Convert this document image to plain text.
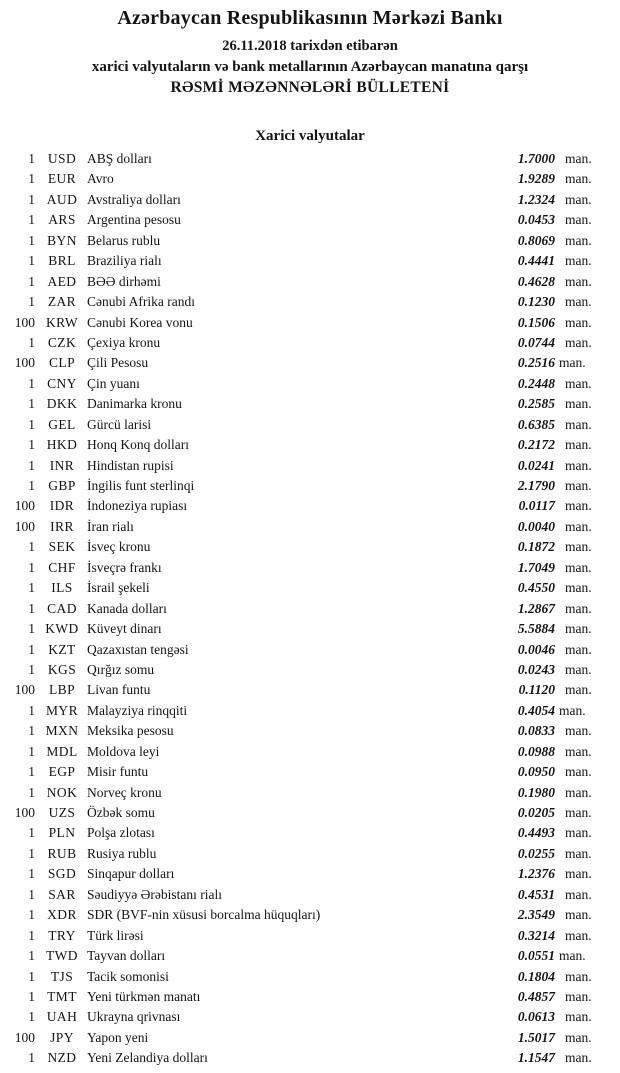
Azərbaycan Respublikasının Mərkəzi Bankı
26.11.2018 tarixdən etibarən
xarici valyutaların və bank metallarının Azərbaycan manatına qarşı
RƏSMİ MƏZƏNNƏLƏRİ BÜLLETENİ
Xarici valyutalar
1 USD ABŞ dolları	1.7000 man.
1 EUR Avro	1.9289 man.
1 AUD Avstraliya dolları	1.2324 man.
1 ARS Argentina pesosu	0.0453 man.
1 BYN Belarus rublu	0.8069 man.
1 BRL Braziliya rialı	0.4441 man.
1 AED BƏƏ dirhəmi	0.4628 man.
1 ZAR Cənubi Afrika randı	0.1230 man.
100 KRW Cənubi Korea vonu	0.1506 man.
1 CZK Çexiya kronu	0.0744 man.
100	CLP Çili Pesosu	0.2516 man.
1 CNY Çin yuanı	0.2448 man.
1 DKK Danimarka kronu	0.2585 man.
1 GEL Gürcü larisi	0.6385 man.
1 HKD Honq Konq dolları	0.2172 man.
1	INR Hindistan rupisi	0.0241 man.
1 GBP İngilis funt sterlinqi	2.1790 man.
100	IDR İndoneziya rupiası	0.0117 man.
100	IRR İran rialı	0.0040 man.
1	SEK İsveç kronu	0.1872 man.
1 CHF İsveçrə frankı	1.7049 man.
1	ILS	İsrail şekeli	0.4550 man.
1 CAD Kanada dolları	1.2867 man.
1 KWD Küveyt dinarı	5.5884 man.
1 KZT Qazaxıstan tengəsi	0.0046 man.
1 KGS Qırğız somu	0.0243 man.
100	LBP Livan funtu	0.1120 man.
1 MYR Malayziya rinqqiti	0.4054 man.
1 MXN Meksika pesosu	0.0833 man.
1 MDL Moldova leyi	0.0988 man.
1	EGP Misir funtu	0.0950 man.
1 NOK Norveç kronu	0.1980 man.
100	UZS Özbək somu	0.0205 man.
1	PLN Polşa zlotası	0.4493 man.
1 RUB Rusiya rublu	0.0255 man.
1 SGD Sinqapur dolları	1.2376 man.
1 SAR Səudiyyə Ərəbistanı rialı	0.4531 man.
1 XDR SDR (BVF-nin xüsusi borcalma hüquqları)	2.3549 man.
1 TRY Türk lirəsi	0.3214 man.
1 TWD Tayvan dolları	0.0551 man.
1	TJS	Tacik somonisi	0.1804 man.
1 TMT Yeni türkmən manatı	0.4857 man.
1 UAH Ukrayna qrivnası	0.0613 man.
100	JPY Yapon yeni	1.5017 man.
1 NZD Yeni Zelandiya dolları	1.1547 man.
